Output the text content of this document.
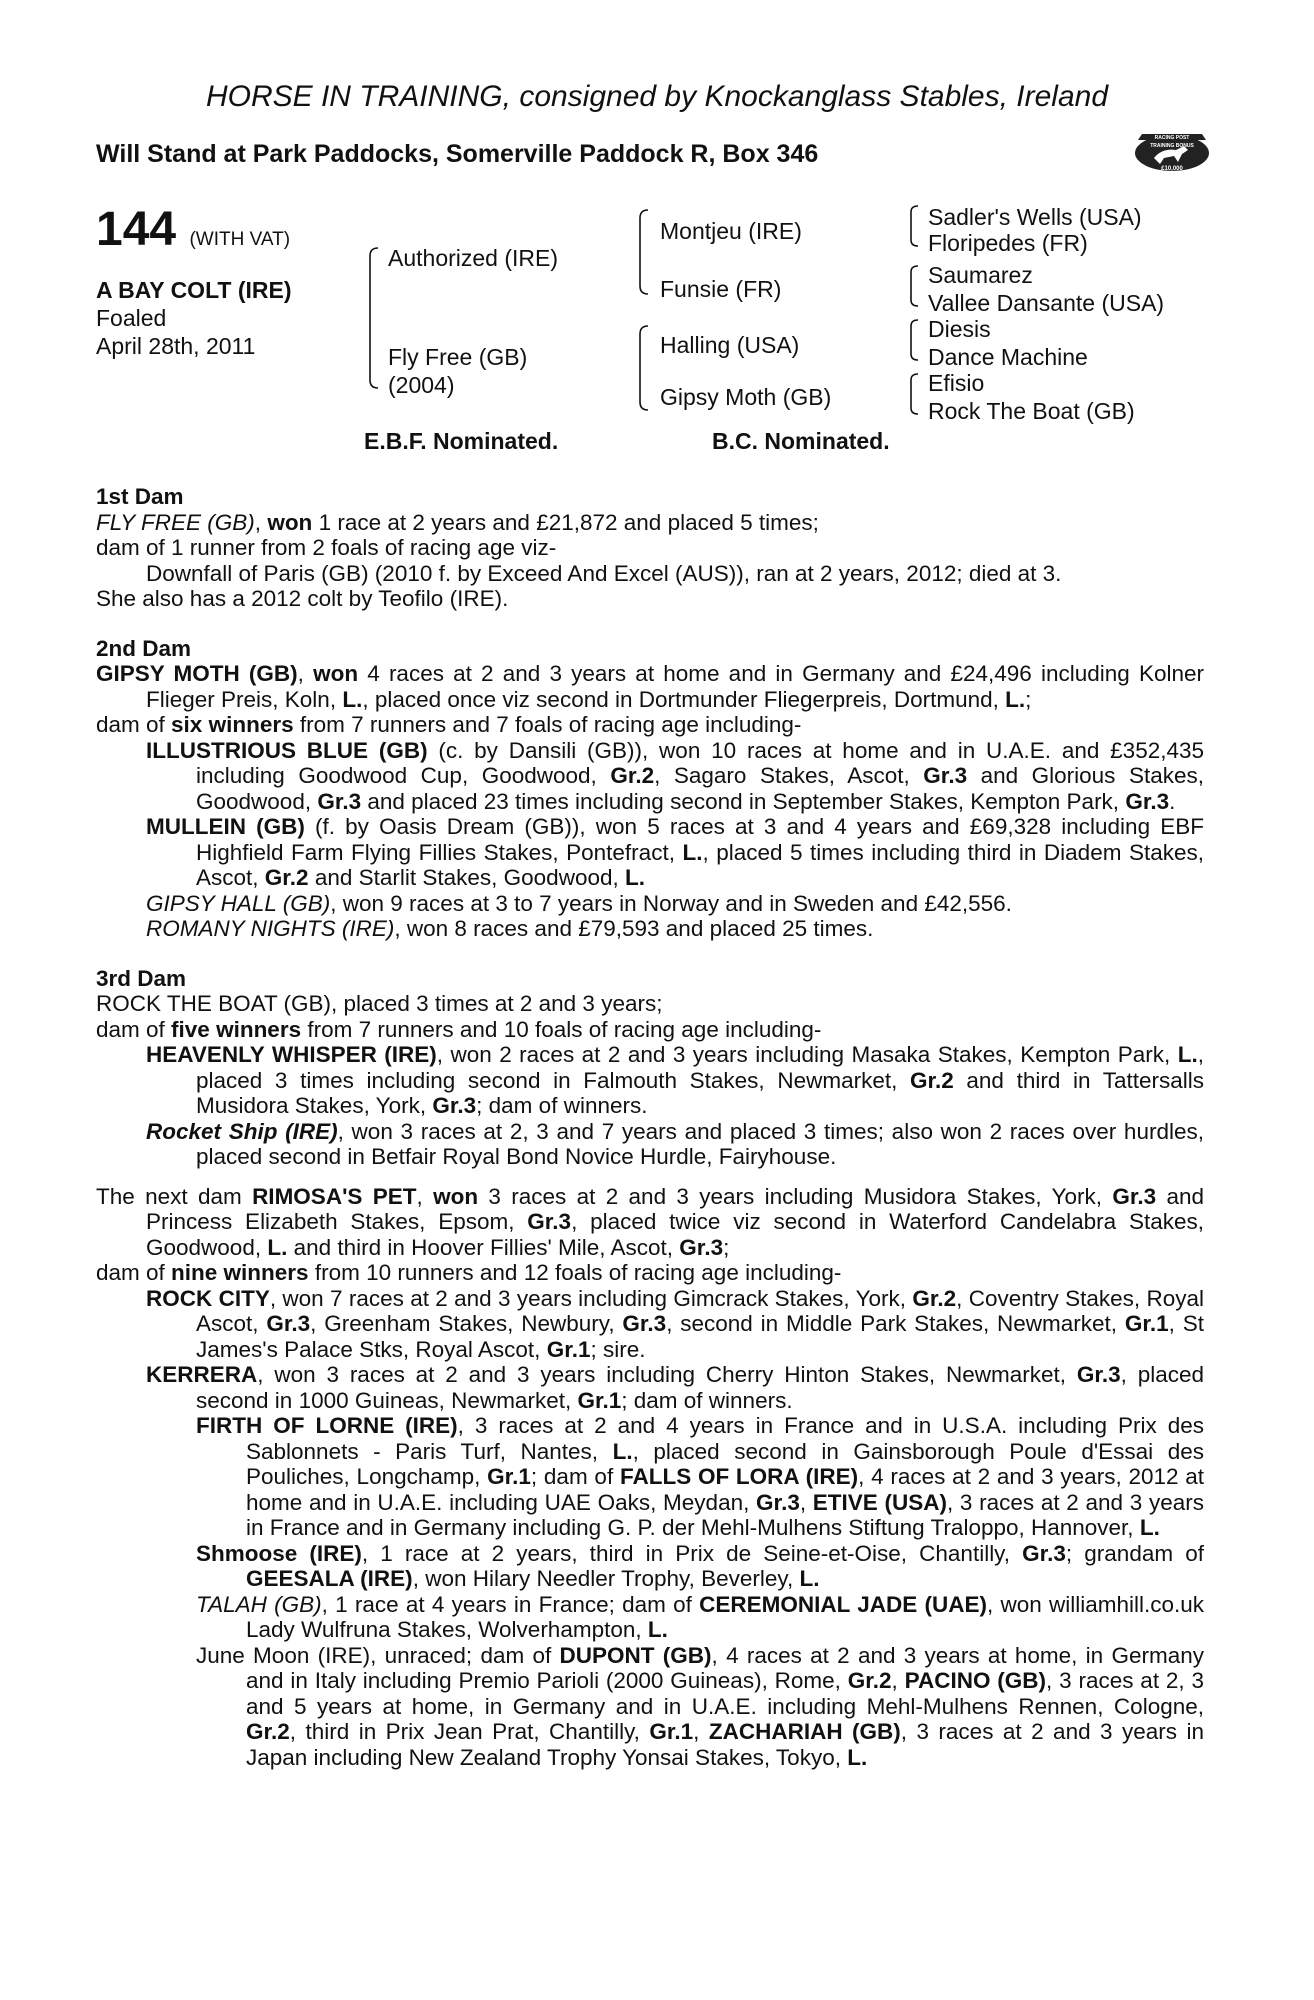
HORSE IN TRAINING, consigned by Knockanglass Stables, Ireland
Will Stand at Park Paddocks, Somerville Paddock R, Box 346
RACING POST
TRAINING BONUS
£10,000
144 (WITH VAT)
A BAY COLT (IRE)
Foaled
April 28th, 2011
Authorized (IRE)
Fly Free (GB)
(2004)
Montjeu (IRE)
Funsie (FR)
Halling (USA)
Gipsy Moth (GB)
Sadler's Wells (USA)
Floripedes (FR)
Saumarez
Vallee Dansante (USA)
Diesis
Dance Machine
Efisio
Rock The Boat (GB)
E.B.F. Nominated.	B.C. Nominated.
1st Dam
FLY FREE (GB), won 1 race at 2 years and £21,872 and placed 5 times;
dam of 1 runner from 2 foals of racing age viz-
Downfall of Paris (GB) (2010 f. by Exceed And Excel (AUS)), ran at 2 years, 2012; died at 3.
She also has a 2012 colt by Teofilo (IRE).
2nd Dam
GIPSY MOTH (GB), won 4 races at 2 and 3 years at home and in Germany and £24,496 including Kolner Flieger Preis, Koln, L., placed once viz second in Dortmunder Fliegerpreis, Dortmund, L.;
dam of six winners from 7 runners and 7 foals of racing age including-
ILLUSTRIOUS BLUE (GB) (c. by Dansili (GB)), won 10 races at home and in U.A.E. and £352,435 including Goodwood Cup, Goodwood, Gr.2, Sagaro Stakes, Ascot, Gr.3 and Glorious Stakes, Goodwood, Gr.3 and placed 23 times including second in September Stakes, Kempton Park, Gr.3.
MULLEIN (GB) (f. by Oasis Dream (GB)), won 5 races at 3 and 4 years and £69,328 including EBF Highfield Farm Flying Fillies Stakes, Pontefract, L., placed 5 times including third in Diadem Stakes, Ascot, Gr.2 and Starlit Stakes, Goodwood, L.
GIPSY HALL (GB), won 9 races at 3 to 7 years in Norway and in Sweden and £42,556.
ROMANY NIGHTS (IRE), won 8 races and £79,593 and placed 25 times.
3rd Dam
ROCK THE BOAT (GB), placed 3 times at 2 and 3 years;
dam of five winners from 7 runners and 10 foals of racing age including-
HEAVENLY WHISPER (IRE), won 2 races at 2 and 3 years including Masaka Stakes, Kempton Park, L., placed 3 times including second in Falmouth Stakes, Newmarket, Gr.2 and third in Tattersalls Musidora Stakes, York, Gr.3; dam of winners.
Rocket Ship (IRE), won 3 races at 2, 3 and 7 years and placed 3 times; also won 2 races over hurdles, placed second in Betfair Royal Bond Novice Hurdle, Fairyhouse.
The next dam RIMOSA'S PET, won 3 races at 2 and 3 years including Musidora Stakes, York, Gr.3 and Princess Elizabeth Stakes, Epsom, Gr.3, placed twice viz second in Waterford Candelabra Stakes, Goodwood, L. and third in Hoover Fillies' Mile, Ascot, Gr.3;
dam of nine winners from 10 runners and 12 foals of racing age including-
ROCK CITY, won 7 races at 2 and 3 years including Gimcrack Stakes, York, Gr.2, Coventry Stakes, Royal Ascot, Gr.3, Greenham Stakes, Newbury, Gr.3, second in Middle Park Stakes, Newmarket, Gr.1, St James's Palace Stks, Royal Ascot, Gr.1; sire.
KERRERA, won 3 races at 2 and 3 years including Cherry Hinton Stakes, Newmarket, Gr.3, placed second in 1000 Guineas, Newmarket, Gr.1; dam of winners.
FIRTH OF LORNE (IRE), 3 races at 2 and 4 years in France and in U.S.A. including Prix des Sablonnets - Paris Turf, Nantes, L., placed second in Gainsborough Poule d'Essai des Pouliches, Longchamp, Gr.1; dam of FALLS OF LORA (IRE), 4 races at 2 and 3 years, 2012 at home and in U.A.E. including UAE Oaks, Meydan, Gr.3, ETIVE (USA), 3 races at 2 and 3 years in France and in Germany including G. P. der Mehl-Mulhens Stiftung Traloppo, Hannover, L.
Shmoose (IRE), 1 race at 2 years, third in Prix de Seine-et-Oise, Chantilly, Gr.3; grandam of GEESALA (IRE), won Hilary Needler Trophy, Beverley, L.
TALAH (GB), 1 race at 4 years in France; dam of CEREMONIAL JADE (UAE), won williamhill.co.uk Lady Wulfruna Stakes, Wolverhampton, L.
June Moon (IRE), unraced; dam of DUPONT (GB), 4 races at 2 and 3 years at home, in Germany and in Italy including Premio Parioli (2000 Guineas), Rome, Gr.2, PACINO (GB), 3 races at 2, 3 and 5 years at home, in Germany and in U.A.E. including Mehl-Mulhens Rennen, Cologne, Gr.2, third in Prix Jean Prat, Chantilly, Gr.1, ZACHARIAH (GB), 3 races at 2 and 3 years in Japan including New Zealand Trophy Yonsai Stakes, Tokyo, L.
